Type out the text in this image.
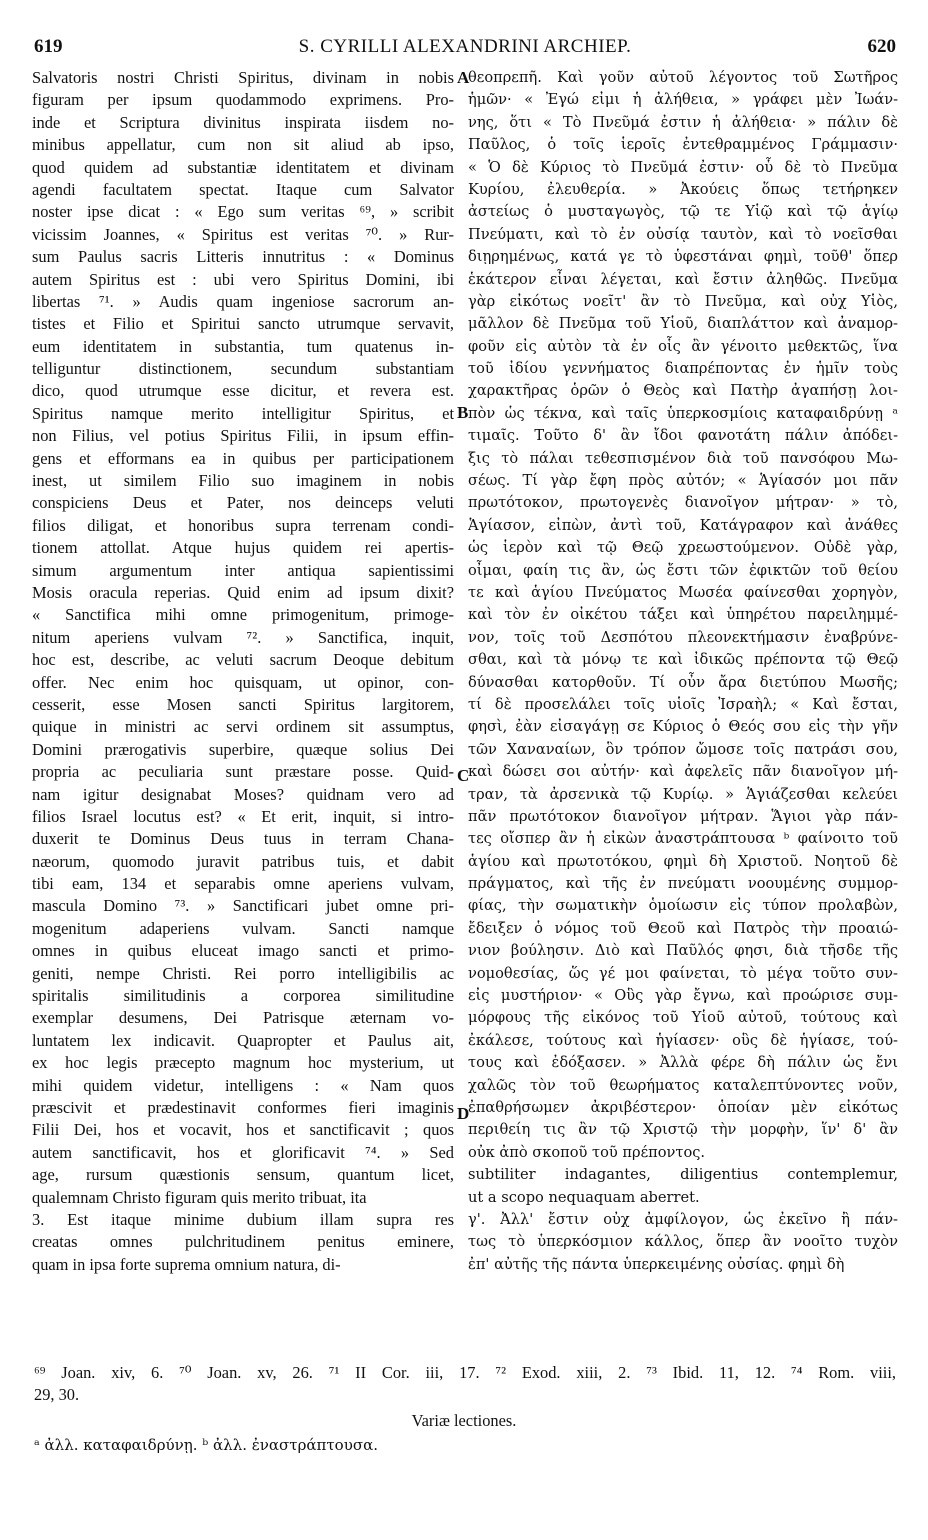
619	S. CYRILLI ALEXANDRINI ARCHIEP.	620
Salvatoris nostri Christi Spiritus, divinam in nobis
figuram per ipsum quodammodo exprimens. Pro-
inde et Scriptura divinitus inspirata iisdem no-
minibus appellatur, cum non sit aliud ab ipso,
quod quidem ad substantiæ identitatem et divinam
agendi facultatem spectat. Itaque cum Salvator
noster ipse dicat : « Ego sum veritas ⁶⁹, » scribit
vicissim Joannes, « Spiritus est veritas ⁷⁰. » Rur-
sum Paulus sacris Litteris innutritus : « Dominus
autem Spiritus est : ubi vero Spiritus Domini, ibi
libertas ⁷¹. » Audis quam ingeniose sacrorum an-
tistes et Filio et Spiritui sancto utrumque servavit,
eum identitatem in substantia, tum quatenus in-
telliguntur distinctionem, secundum substantiam
dico, quod utrumque esse dicitur, et revera est.
Spiritus namque merito intelligitur Spiritus, et
non Filius, vel potius Spiritus Filii, in ipsum effin-
gens et efformans ea in quibus per participationem
inest, ut similem Filio suo imaginem in nobis
conspiciens Deus et Pater, nos deinceps veluti
filios diligat, et honoribus supra terrenam condi-
tionem attollat. Atque hujus quidem rei apertis-
simum argumentum inter antiqua sapientissimi
Mosis oracula reperias. Quid enim ad ipsum dixit?
« Sanctifica mihi omne primogenitum, primoge-
nitum aperiens vulvam ⁷². » Sanctifica, inquit,
hoc est, describe, ac veluti sacrum Deoque debitum
offer. Nec enim hoc quisquam, ut opinor, con-
cesserit, esse Mosen sancti Spiritus largitorem,
quique in ministri ac servi ordinem sit assumptus,
Domini prærogativis superbire, quæque solius Dei
propria ac peculiaria sunt præstare posse. Quid-
nam igitur designabat Moses? quidnam vero ad
filios Israel locutus est? « Et erit, inquit, si intro-
duxerit te Dominus Deus tuus in terram Chana-
næorum, quomodo juravit patribus tuis, et dabit
tibi eam, 134 et separabis omne aperiens vulvam,
mascula Domino ⁷³. » Sanctificari jubet omne pri-
mogenitum adaperiens vulvam. Sancti namque
omnes in quibus eluceat imago sancti et primo-
geniti, nempe Christi. Rei porro intelligibilis ac
spiritalis similitudinis a corporea similitudine
exemplar desumens, Dei Patrisque æternam vo-
luntatem lex indicavit. Quapropter et Paulus ait,
ex hoc legis præcepto magnum hoc mysterium, ut
mihi quidem videtur, intelligens : « Nam quos
præscivit et prædestinavit conformes fieri imaginis
Filii Dei, hos et vocavit, hos et sanctificavit ; quos
autem sanctificavit, hos et glorificavit ⁷⁴. » Sed
age, rursum quæstionis sensum, quantum licet,
qualemnam Christo figuram quis merito tribuat, ita
3. Est itaque minime dubium illam supra res
creatas omnes pulchritudinem penitus eminere,
quam in ipsa forte suprema omnium natura, di-
θεοπρεπῆ. Καὶ γοῦν αὐτοῦ λέγοντος τοῦ Σωτῆρος
ἡμῶν· « Ἐγώ εἰμι ἡ ἀλήθεια, » γράφει μὲν Ἰωάν-
νης, ὅτι « Τὸ Πνεῦμά ἐστιν ἡ ἀλήθεια· » πάλιν δὲ
Παῦλος, ὁ τοῖς ἱεροῖς ἐντεθραμμένος Γράμμασιν·
« Ὁ δὲ Κύριος τὸ Πνεῦμά ἐστιν· οὗ δὲ τὸ Πνεῦμα
Κυρίου, ἐλευθερία. » Ἀκούεις ὅπως τετήρηκεν
ἀστείως ὁ μυσταγωγὸς, τῷ τε Υἱῷ καὶ τῷ ἁγίῳ
Πνεύματι, καὶ τὸ ἐν οὐσίᾳ ταυτὸν, καὶ τὸ νοεῖσθαι
διῃρημένως, κατά γε τὸ ὑφεστάναι φημὶ, τοῦθ' ὅπερ
ἑκάτερον εἶναι λέγεται, καὶ ἔστιν ἀληθῶς. Πνεῦμα
γὰρ εἰκότως νοεῖτ' ἂν τὸ Πνεῦμα, καὶ οὐχ Υἱὸς,
μᾶλλον δὲ Πνεῦμα τοῦ Υἱοῦ, διαπλάττον καὶ ἀναμορ-
φοῦν εἰς αὐτὸν τὰ ἐν οἷς ἂν γένοιτο μεθεκτῶς, ἵνα
τοῦ ἰδίου γεννήματος διαπρέποντας ἐν ἡμῖν τοὺς
χαρακτῆρας ὁρῶν ὁ Θεὸς καὶ Πατὴρ ἀγαπήσῃ λοι-
πὸν ὡς τέκνα, καὶ ταῖς ὑπερκοσμίοις καταφαιδρύνῃ ᵃ
τιμαῖς. Τοῦτο δ' ἂν ἴδοι φανοτάτη πάλιν ἀπόδει-
ξις τὸ πάλαι τεθεσπισμένον διὰ τοῦ πανσόφου Μω-
σέως. Τί γὰρ ἔφη πρὸς αὐτόν; « Ἁγίασόν μοι πᾶν
πρωτότοκον, πρωτογενὲς διανοῖγον μήτραν· » τὸ,
Ἁγίασον, εἰπὼν, ἀντὶ τοῦ, Κατάγραφον καὶ ἀνάθες
ὡς ἱερὸν καὶ τῷ Θεῷ χρεωστούμενον. Οὐδὲ γὰρ,
οἶμαι, φαίη τις ἂν, ὡς ἔστι τῶν ἐφικτῶν τοῦ θείου
τε καὶ ἁγίου Πνεύματος Μωσέα φαίνεσθαι χορηγὸν,
καὶ τὸν ἐν οἰκέτου τάξει καὶ ὑπηρέτου παρειλημμέ-
νον, τοῖς τοῦ Δεσπότου πλεονεκτήμασιν ἐναβρύνε-
σθαι, καὶ τὰ μόνῳ τε καὶ ἰδικῶς πρέποντα τῷ Θεῷ
δύνασθαι κατορθοῦν. Τί οὖν ἄρα διετύπου Μωσῆς;
τί δὲ προσελάλει τοῖς υἱοῖς Ἰσραὴλ; « Καὶ ἔσται,
φησὶ, ἐὰν εἰσαγάγῃ σε Κύριος ὁ Θεός σου εἰς τὴν γῆν
τῶν Χαναναίων, ὃν τρόπον ὤμοσε τοῖς πατράσι σου,
καὶ δώσει σοι αὐτήν· καὶ ἀφελεῖς πᾶν διανοῖγον μή-
τραν, τὰ ἀρσενικὰ τῷ Κυρίῳ. » Ἁγιάζεσθαι κελεύει
πᾶν πρωτότοκον διανοῖγον μήτραν. Ἅγιοι γὰρ πάν-
τες οἴσπερ ἂν ἡ εἰκὼν ἀναστράπτουσα ᵇ φαίνοιτο τοῦ
ἁγίου καὶ πρωτοτόκου, φημὶ δὴ Χριστοῦ. Νοητοῦ δὲ
πράγματος, καὶ τῆς ἐν πνεύματι νοουμένης συμμορ-
φίας, τὴν σωματικὴν ὁμοίωσιν εἰς τύπον προλαβὼν,
ἔδειξεν ὁ νόμος τοῦ Θεοῦ καὶ Πατρὸς τὴν προαιώ-
νιον βούλησιν. Διὸ καὶ Παῦλός φησι, διὰ τῆσδε τῆς
νομοθεσίας, ὥς γέ μοι φαίνεται, τὸ μέγα τοῦτο συν-
εἰς μυστήριον· « Οὓς γὰρ ἔγνω, καὶ προώρισε συμ-
μόρφους τῆς εἰκόνος τοῦ Υἱοῦ αὐτοῦ, τούτους καὶ
ἐκάλεσε, τούτους καὶ ἡγίασεν· οὓς δὲ ἡγίασε, τού-
τους καὶ ἐδόξασεν. » Ἀλλὰ φέρε δὴ πάλιν ὡς ἔνι
χαλῶς τὸν τοῦ θεωρήματος καταλεπτύνοντες νοῦν,
ἐπαθρήσωμεν ἀκριβέστερον· ὁποίαν μὲν εἰκότως
περιθείη τις ἂν τῷ Χριστῷ τὴν μορφὴν, ἵν' δ' ἂν
οὐκ ἀπὸ σκοποῦ τοῦ πρέποντος.
subtiliter indagantes, diligentius contemplemur,
ut a scopo nequaquam aberret.
γ'. Ἀλλ' ἔστιν οὐχ ἀμφίλογον, ὡς ἐκεῖνο ἢ πάν-
τως τὸ ὑπερκόσμιον κάλλος, ὅπερ ἂν νοοῖτο τυχὸν
ἐπ' αὐτῆς τῆς πάντα ὑπερκειμένης οὐσίας. φημὶ δὴ
A
B
C
D
⁶⁹ Joan. xiv, 6. ⁷⁰ Joan. xv, 26. ⁷¹ II Cor. iii, 17. ⁷² Exod. xiii, 2. ⁷³ Ibid. 11, 12. ⁷⁴ Rom. viii,
29, 30.
Variæ lectiones.
ᵃ ἀλλ. καταφαιδρύνῃ. ᵇ ἀλλ. ἐναστράπτουσα.
